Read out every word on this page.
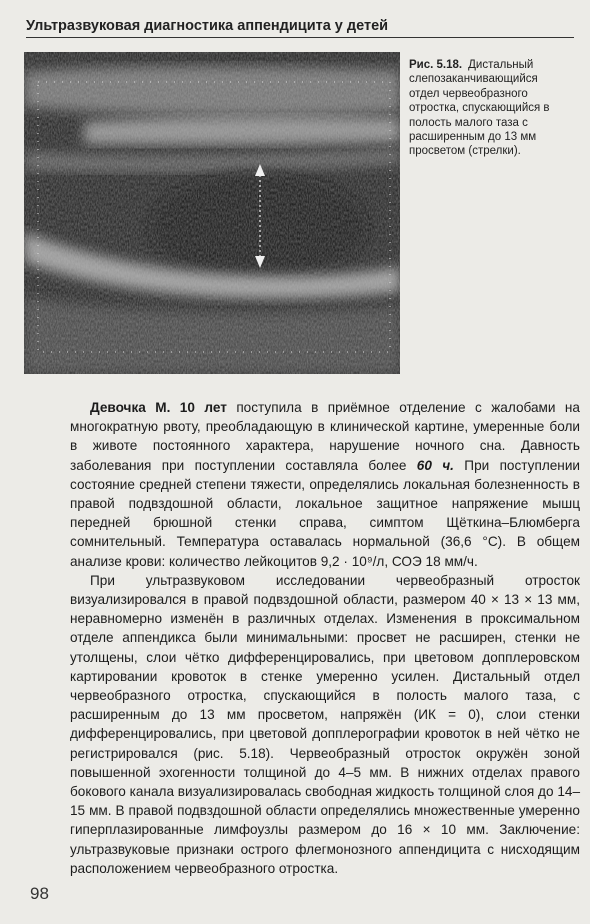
Ультразвуковая диагностика аппендицита у детей
Рис. 5.18. Дистальный слепозаканчивающийся отдел червеобразного отростка, спускающийся в полость малого таза с расширенным до 13 мм просветом (стрелки).

Девочка М. 10 лет поступила в приёмное отделение с жалобами на многократную рвоту, преобладающую в клинической картине, умеренные боли в животе постоянного характера, нарушение ночного сна. Давность заболевания при поступлении составляла более 60 ч. При поступлении состояние средней степени тяжести, определялись локальная болезненность в правой подвздошной области, локальное защитное напряжение мышц передней брюшной стенки справа, симптом Щёткина–Блюмберга сомнительный. Температура оставалась нормальной (36,6 °С). В общем анализе крови: количество лейкоцитов 9,2 · 10⁹/л, СОЭ 18 мм/ч.

При ультразвуковом исследовании червеобразный отросток визуализировался в правой подвздошной области, размером 40 × 13 × 13 мм, неравномерно изменён в различных отделах. Изменения в проксимальном отделе аппендикса были минимальными: просвет не расширен, стенки не утолщены, слои чётко дифференцировались, при цветовом допплеровском картировании кровоток в стенке умеренно усилен. Дистальный отдел червеобразного отростка, спускающийся в полость малого таза, с расширенным до 13 мм просветом, напряжён (ИК = 0), слои стенки дифференцировались, при цветовой допплерографии кровоток в ней чётко не регистрировался (рис. 5.18). Червеобразный отросток окружён зоной повышенной эхогенности толщиной до 4–5 мм. В нижних отделах правого бокового канала визуализировалась свободная жидкость толщиной слоя до 14–15 мм. В правой подвздошной области определялись множественные умеренно гиперплазированные лимфоузлы размером до 16 × 10 мм. Заключение: ультразвуковые признаки острого флегмонозного аппендицита с нисходящим расположением червеобразного отростка.

98
